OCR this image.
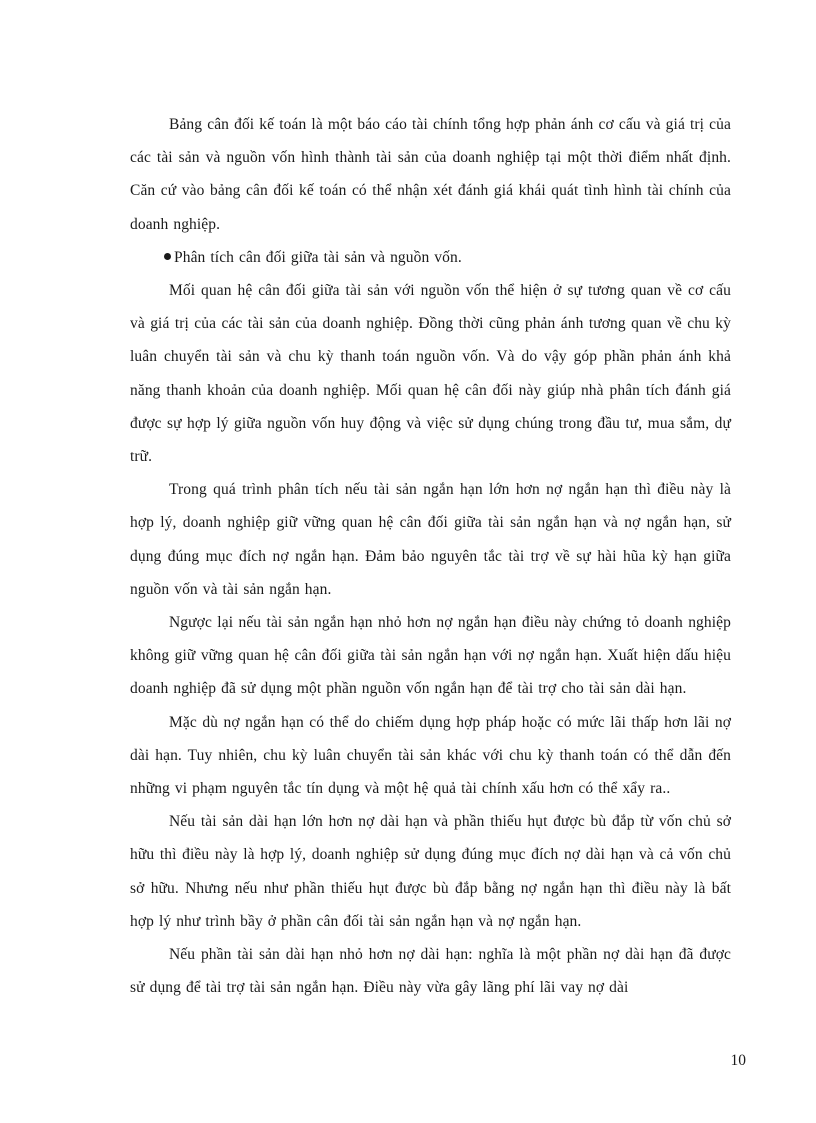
Bảng cân đối kế toán là một báo cáo tài chính tổng hợp phản ánh cơ cấu và giá trị của các tài sản và nguồn vốn hình thành tài sản của doanh nghiệp tại một thời điểm nhất định. Căn cứ vào bảng cân đối kế toán có thể nhận xét đánh giá khái quát tình hình tài chính của doanh nghiệp.

Phân tích cân đối giữa tài sản và nguồn vốn.

Mối quan hệ cân đối giữa tài sản với nguồn vốn thể hiện ở sự tương quan về cơ cấu và giá trị của các tài sản của doanh nghiệp. Đồng thời cũng phản ánh tương quan về chu kỳ luân chuyển tài sản và chu kỳ thanh toán nguồn vốn. Và do vậy góp phần phản ánh khả năng thanh khoản của doanh nghiệp. Mối quan hệ cân đối này giúp nhà phân tích đánh giá được sự hợp lý giữa nguồn vốn huy động và việc sử dụng chúng trong đầu tư, mua sắm, dự trữ.

Trong quá trình phân tích nếu tài sản ngắn hạn lớn hơn nợ ngắn hạn thì điều này là hợp lý, doanh nghiệp giữ vững quan hệ cân đối giữa tài sản ngắn hạn và nợ ngắn hạn, sử dụng đúng mục đích nợ ngắn hạn. Đảm bảo nguyên tắc tài trợ về sự hài hũa kỳ hạn giữa nguồn vốn và tài sản ngắn hạn.

Ngược lại nếu tài sản ngắn hạn nhỏ hơn nợ ngắn hạn điều này chứng tỏ doanh nghiệp không giữ vững quan hệ cân đối giữa tài sản ngắn hạn với nợ ngắn hạn. Xuất hiện dấu hiệu doanh nghiệp đã sử dụng một phần nguồn vốn ngắn hạn để tài trợ cho tài sản dài hạn.

Mặc dù nợ ngắn hạn có thể do chiếm dụng hợp pháp hoặc có mức lãi thấp hơn lãi nợ dài hạn. Tuy nhiên, chu kỳ luân chuyển tài sản khác với chu kỳ thanh toán có thể dẫn đến những vi phạm nguyên tắc tín dụng và một hệ quả tài chính xấu hơn có thể xẩy ra..

Nếu tài sản dài hạn lớn hơn nợ dài hạn và phần thiếu hụt được bù đắp từ vốn chủ sở hữu thì điều này là hợp lý, doanh nghiệp sử dụng đúng mục đích nợ dài hạn và cả vốn chủ sở hữu. Nhưng nếu như phần thiếu hụt được bù đắp bằng nợ ngắn hạn thì điều này là bất hợp lý như trình bầy ở phần cân đối tài sản ngắn hạn và nợ ngắn hạn.

Nếu phần tài sản dài hạn nhỏ hơn nợ dài hạn: nghĩa là một phần nợ dài hạn đã được sử dụng để tài trợ tài sản ngắn hạn. Điều này vừa gây lãng phí lãi vay nợ dài

10
